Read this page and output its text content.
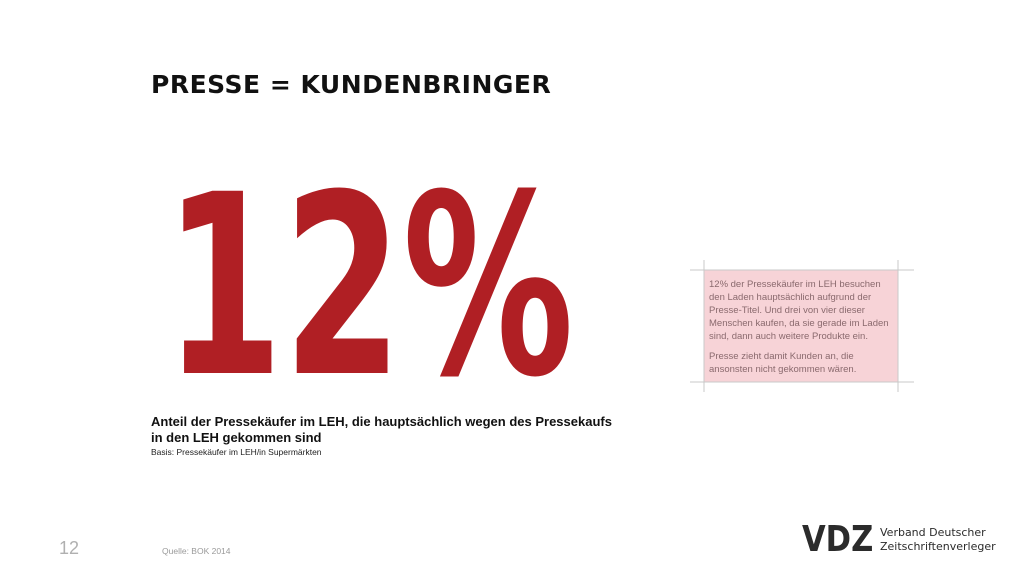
PRESSE = KUNDENBRINGER
12%
Anteil der Pressekäufer im LEH, die hauptsächlich wegen des Pressekaufs in den LEH gekommen sind
Basis: Pressekäufer im LEH/in Supermärkten

12% der Pressekäufer im LEH besuchen den Laden hauptsächlich aufgrund der Presse-Titel. Und drei von vier dieser Menschen kaufen, da sie gerade im Laden sind, dann auch weitere Produkte ein.

Presse zieht damit Kunden an, die ansonsten nicht gekommen wären.

12	Quelle: BOK 2014	VDZ Verband Deutscher
Zeitschriftenverleger
